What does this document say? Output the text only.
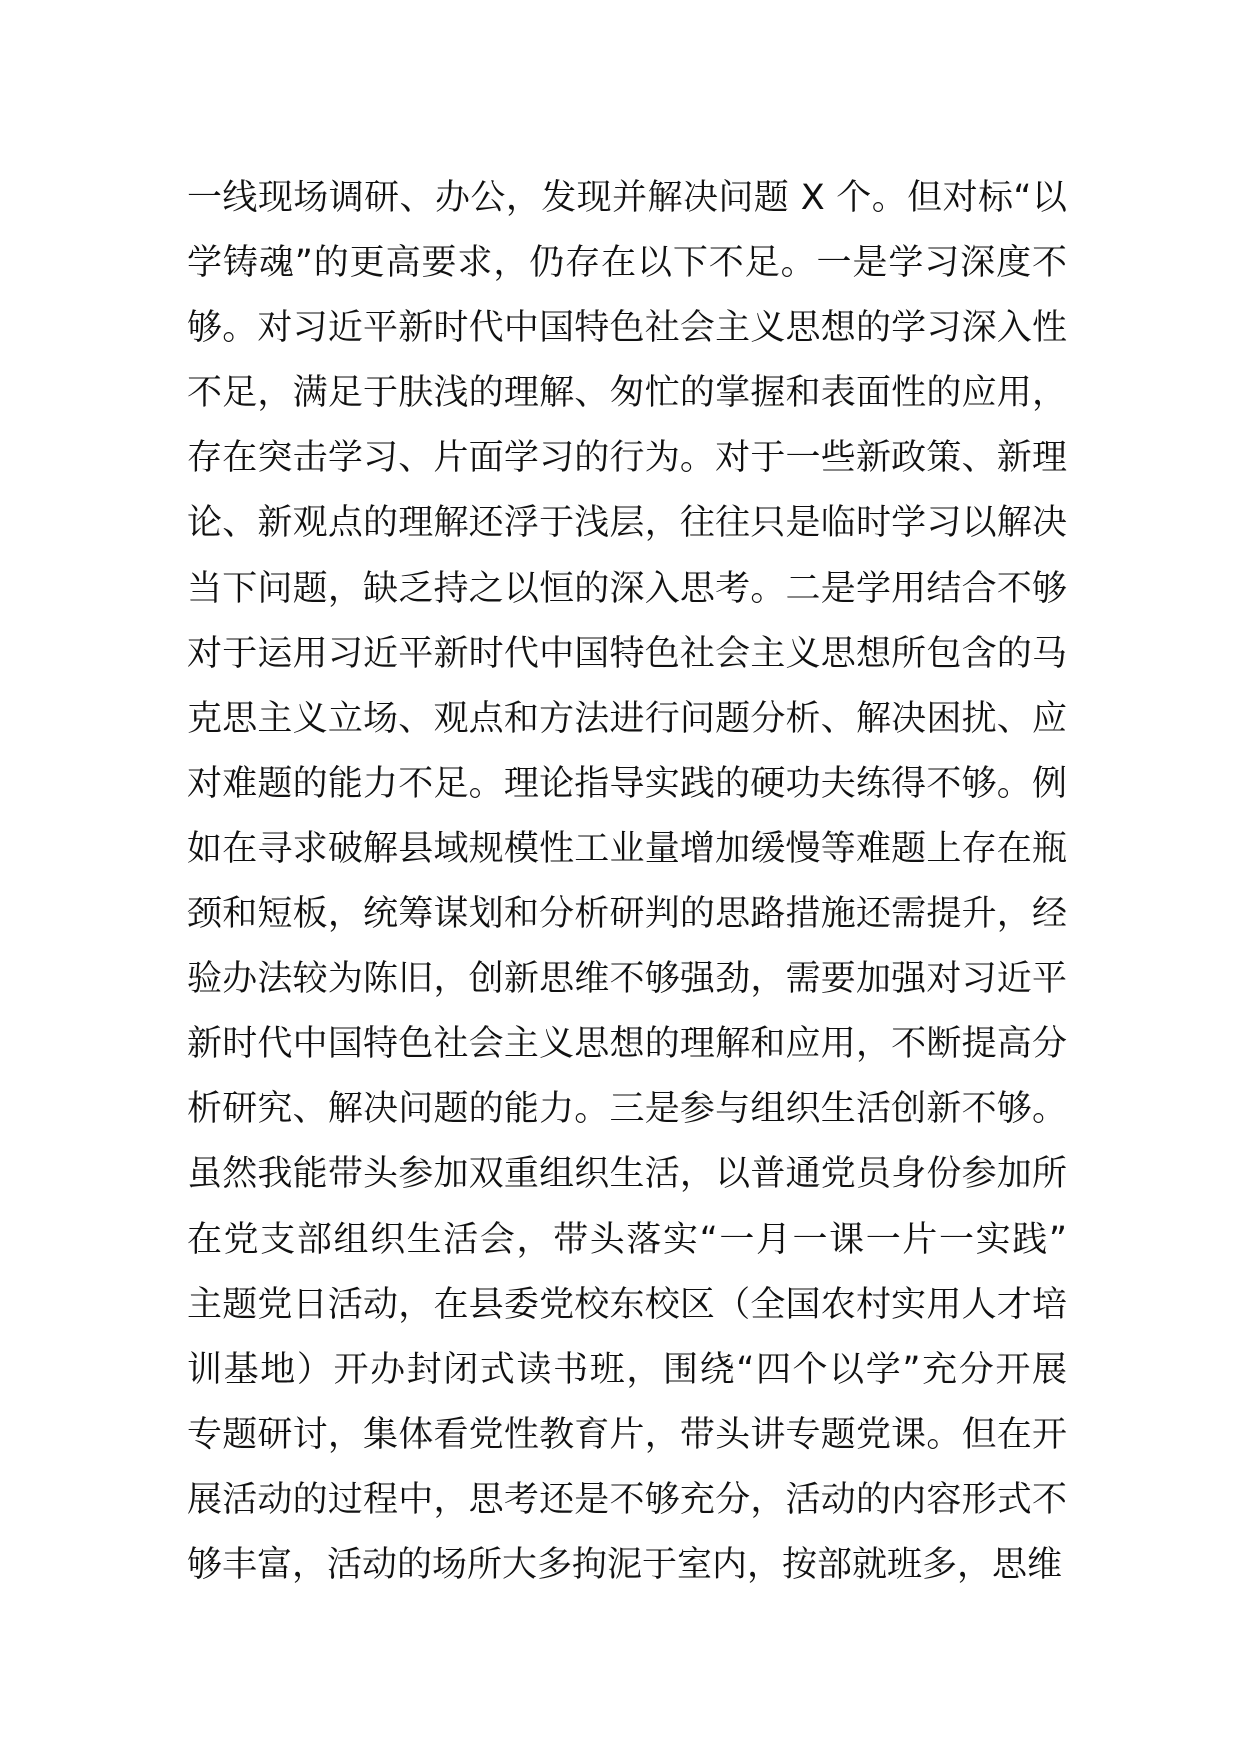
一线现场调研、办公，发现并解决问题 X 个。但对标“以
学铸魂”的更高要求，仍存在以下不足。一是学习深度不
够。对习近平新时代中国特色社会主义思想的学习深入性
不足，满足于肤浅的理解、匆忙的掌握和表面性的应用，
存在突击学习、片面学习的行为。对于一些新政策、新理
论、新观点的理解还浮于浅层，往往只是临时学习以解决
当下问题，缺乏持之以恒的深入思考。二是学用结合不够
对于运用习近平新时代中国特色社会主义思想所包含的马
克思主义立场、观点和方法进行问题分析、解决困扰、应
对难题的能力不足。理论指导实践的硬功夫练得不够。例
如在寻求破解县域规模性工业量增加缓慢等难题上存在瓶
颈和短板，统筹谋划和分析研判的思路措施还需提升，经
验办法较为陈旧，创新思维不够强劲，需要加强对习近平
新时代中国特色社会主义思想的理解和应用，不断提高分
析研究、解决问题的能力。三是参与组织生活创新不够。
虽然我能带头参加双重组织生活，以普通党员身份参加所
在党支部组织生活会，带头落实“一月一课一片一实践”
主题党日活动，在县委党校东校区（全国农村实用人才培
训基地）开办封闭式读书班，围绕“四个以学”充分开展
专题研讨，集体看党性教育片，带头讲专题党课。但在开
展活动的过程中，思考还是不够充分，活动的内容形式不
够丰富，活动的场所大多拘泥于室内，按部就班多，思维
